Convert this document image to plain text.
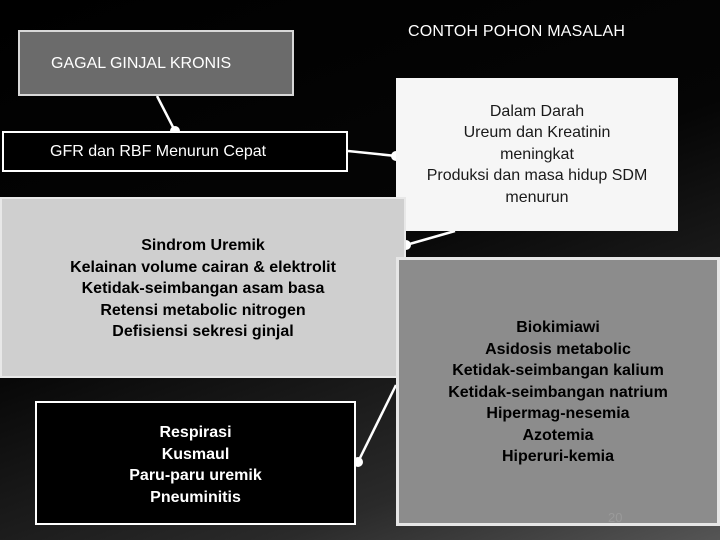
CONTOH POHON MASALAH
GAGAL GINJAL KRONIS
GFR dan RBF Menurun Cepat
Dalam Darah
Ureum dan Kreatinin
meningkat
Produksi dan masa hidup SDM
menurun
Sindrom Uremik
Kelainan volume cairan & elektrolit
Ketidak-seimbangan asam basa
Retensi metabolic nitrogen
Defisiensi sekresi ginjal
Respirasi
Kusmaul
Paru-paru uremik
Pneuminitis
Biokimiawi
Asidosis metabolic
Ketidak-seimbangan kalium
Ketidak-seimbangan natrium
Hipermag-nesemia
Azotemia
Hiperuri-kemia
20
